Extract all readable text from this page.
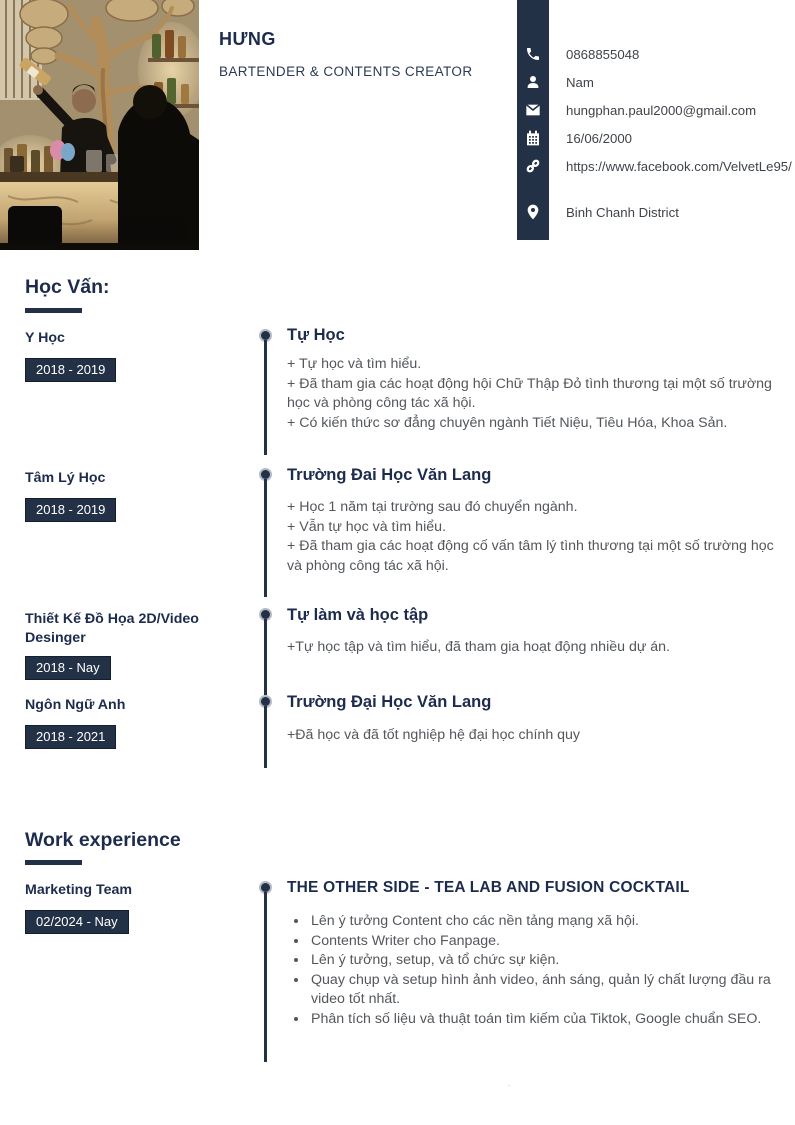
HƯNG
BARTENDER & CONTENTS CREATOR
0868855048
Nam
hungphan.paul2000@gmail.com
16/06/2000
https://www.facebook.com/VelvetLe95/
Binh Chanh District
Học Vấn:
Y Học
2018 - 2019
Tự Học
+ Tự học và tìm hiểu.
+ Đã tham gia các hoạt động hội Chữ Thập Đỏ tình thương tại một số trường học và phòng công tác xã hội.
+ Có kiến thức sơ đẳng chuyên ngành Tiết Niệu, Tiêu Hóa, Khoa Sản.
Tâm Lý Học
2018 - 2019
Trường Đai Học Văn Lang
+ Học 1 năm tại trường sau đó chuyển ngành.
+ Vẫn tự học và tìm hiểu.
+ Đã tham gia các hoạt động cố vấn tâm lý tình thương tại một số trường học và phòng công tác xã hội.
Thiết Kế Đồ Họa 2D/Video Desinger
2018 - Nay
Tự làm và học tập
+Tự học tập và tìm hiểu, đã tham gia hoạt động nhiều dự án.
Ngôn Ngữ Anh
2018 - 2021
Trường Đại Học Văn Lang
+Đã học và đã tốt nghiệp hệ đại học chính quy
Work experience
Marketing Team
02/2024 - Nay
THE OTHER SIDE - TEA LAB AND FUSION COCKTAIL
• Lên ý tưởng Content cho các nền tảng mạng xã hội.
• Contents Writer cho Fanpage.
• Lên ý tưởng, setup, và tổ chức sự kiện.
• Quay chụp và setup hình ảnh video, ánh sáng, quản lý chất lượng đầu ra video tốt nhất.
• Phân tích số liệu và thuật toán tìm kiếm của Tiktok, Google chuẩn SEO.
-
